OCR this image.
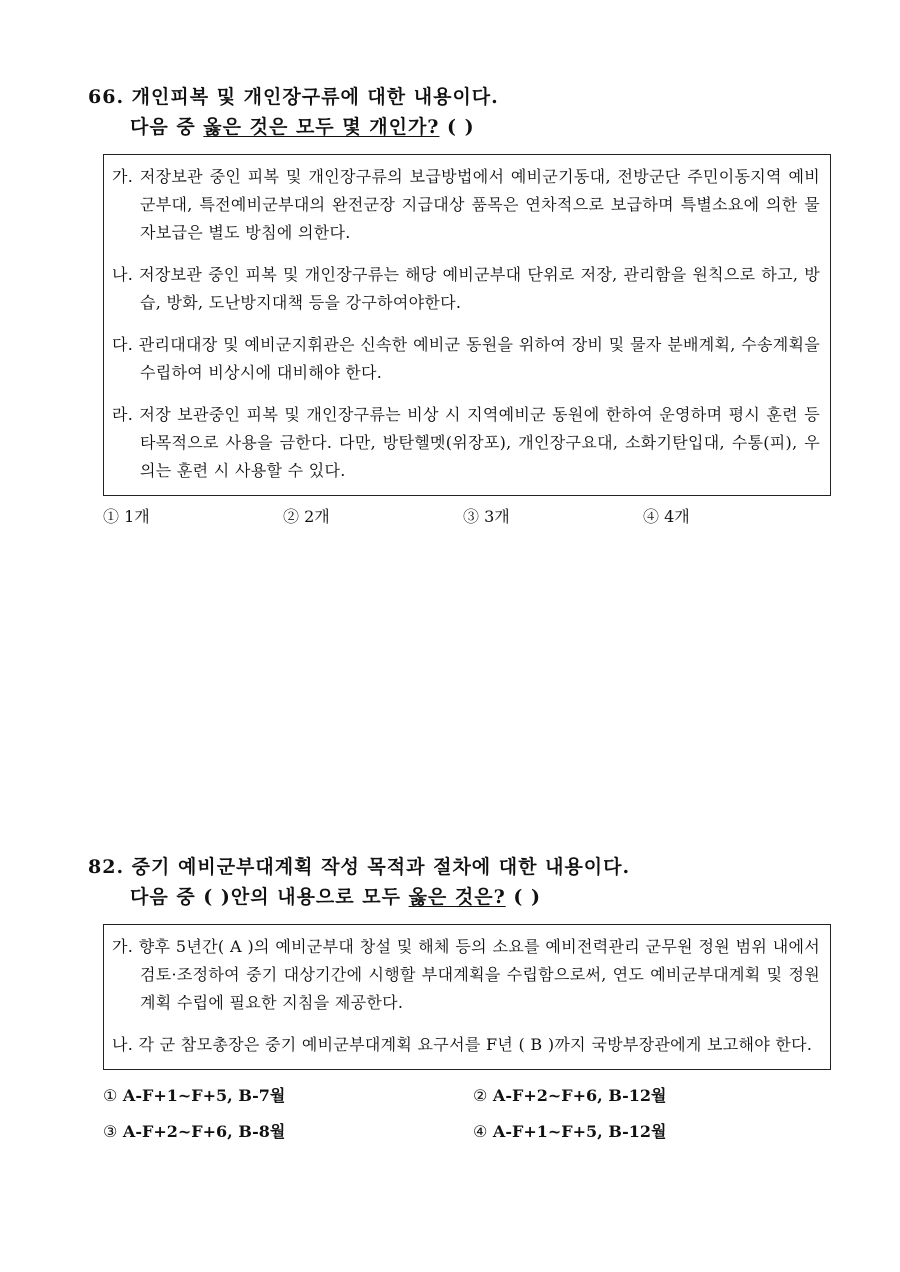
66. 개인피복 및 개인장구류에 대한 내용이다.
다음 중 옳은 것은 모두 몇 개인가? ( )
가. 저장보관 중인 피복 및 개인장구류의 보급방법에서 예비군기동대, 전방군단 주민이동지역 예비군부대, 특전예비군부대의 완전군장 지급대상 품목은 연차적으로 보급하며 특별소요에 의한 물자보급은 별도 방침에 의한다.
나. 저장보관 중인 피복 및 개인장구류는 해당 예비군부대 단위로 저장, 관리함을 원칙으로 하고, 방습, 방화, 도난방지대책 등을 강구하여야한다.
다. 관리대대장 및 예비군지휘관은 신속한 예비군 동원을 위하여 장비 및 물자 분배계획, 수송계획을 수립하여 비상시에 대비해야 한다.
라. 저장 보관중인 피복 및 개인장구류는 비상 시 지역예비군 동원에 한하여 운영하며 평시 훈련 등 타목적으로 사용을 금한다. 다만, 방탄헬멧(위장포), 개인장구요대, 소화기탄입대, 수통(피), 우의는 훈련 시 사용할 수 있다.
① 1개	② 2개	③ 3개	④ 4개
82. 중기 예비군부대계획 작성 목적과 절차에 대한 내용이다.
다음 중 ( )안의 내용으로 모두 옳은 것은? ( )
가. 향후 5년간( A )의 예비군부대 창설 및 해체 등의 소요를 예비전력관리 군무원 정원 범위 내에서 검토·조정하여 중기 대상기간에 시행할 부대계획을 수립함으로써, 연도 예비군부대계획 및 정원계획 수립에 필요한 지침을 제공한다.
나. 각 군 참모총장은 중기 예비군부대계획 요구서를 F년 ( B )까지 국방부장관에게 보고해야 한다.
① A-F+1~F+5, B-7월	② A-F+2~F+6, B-12월
③ A-F+2~F+6, B-8월	④ A-F+1~F+5, B-12월
